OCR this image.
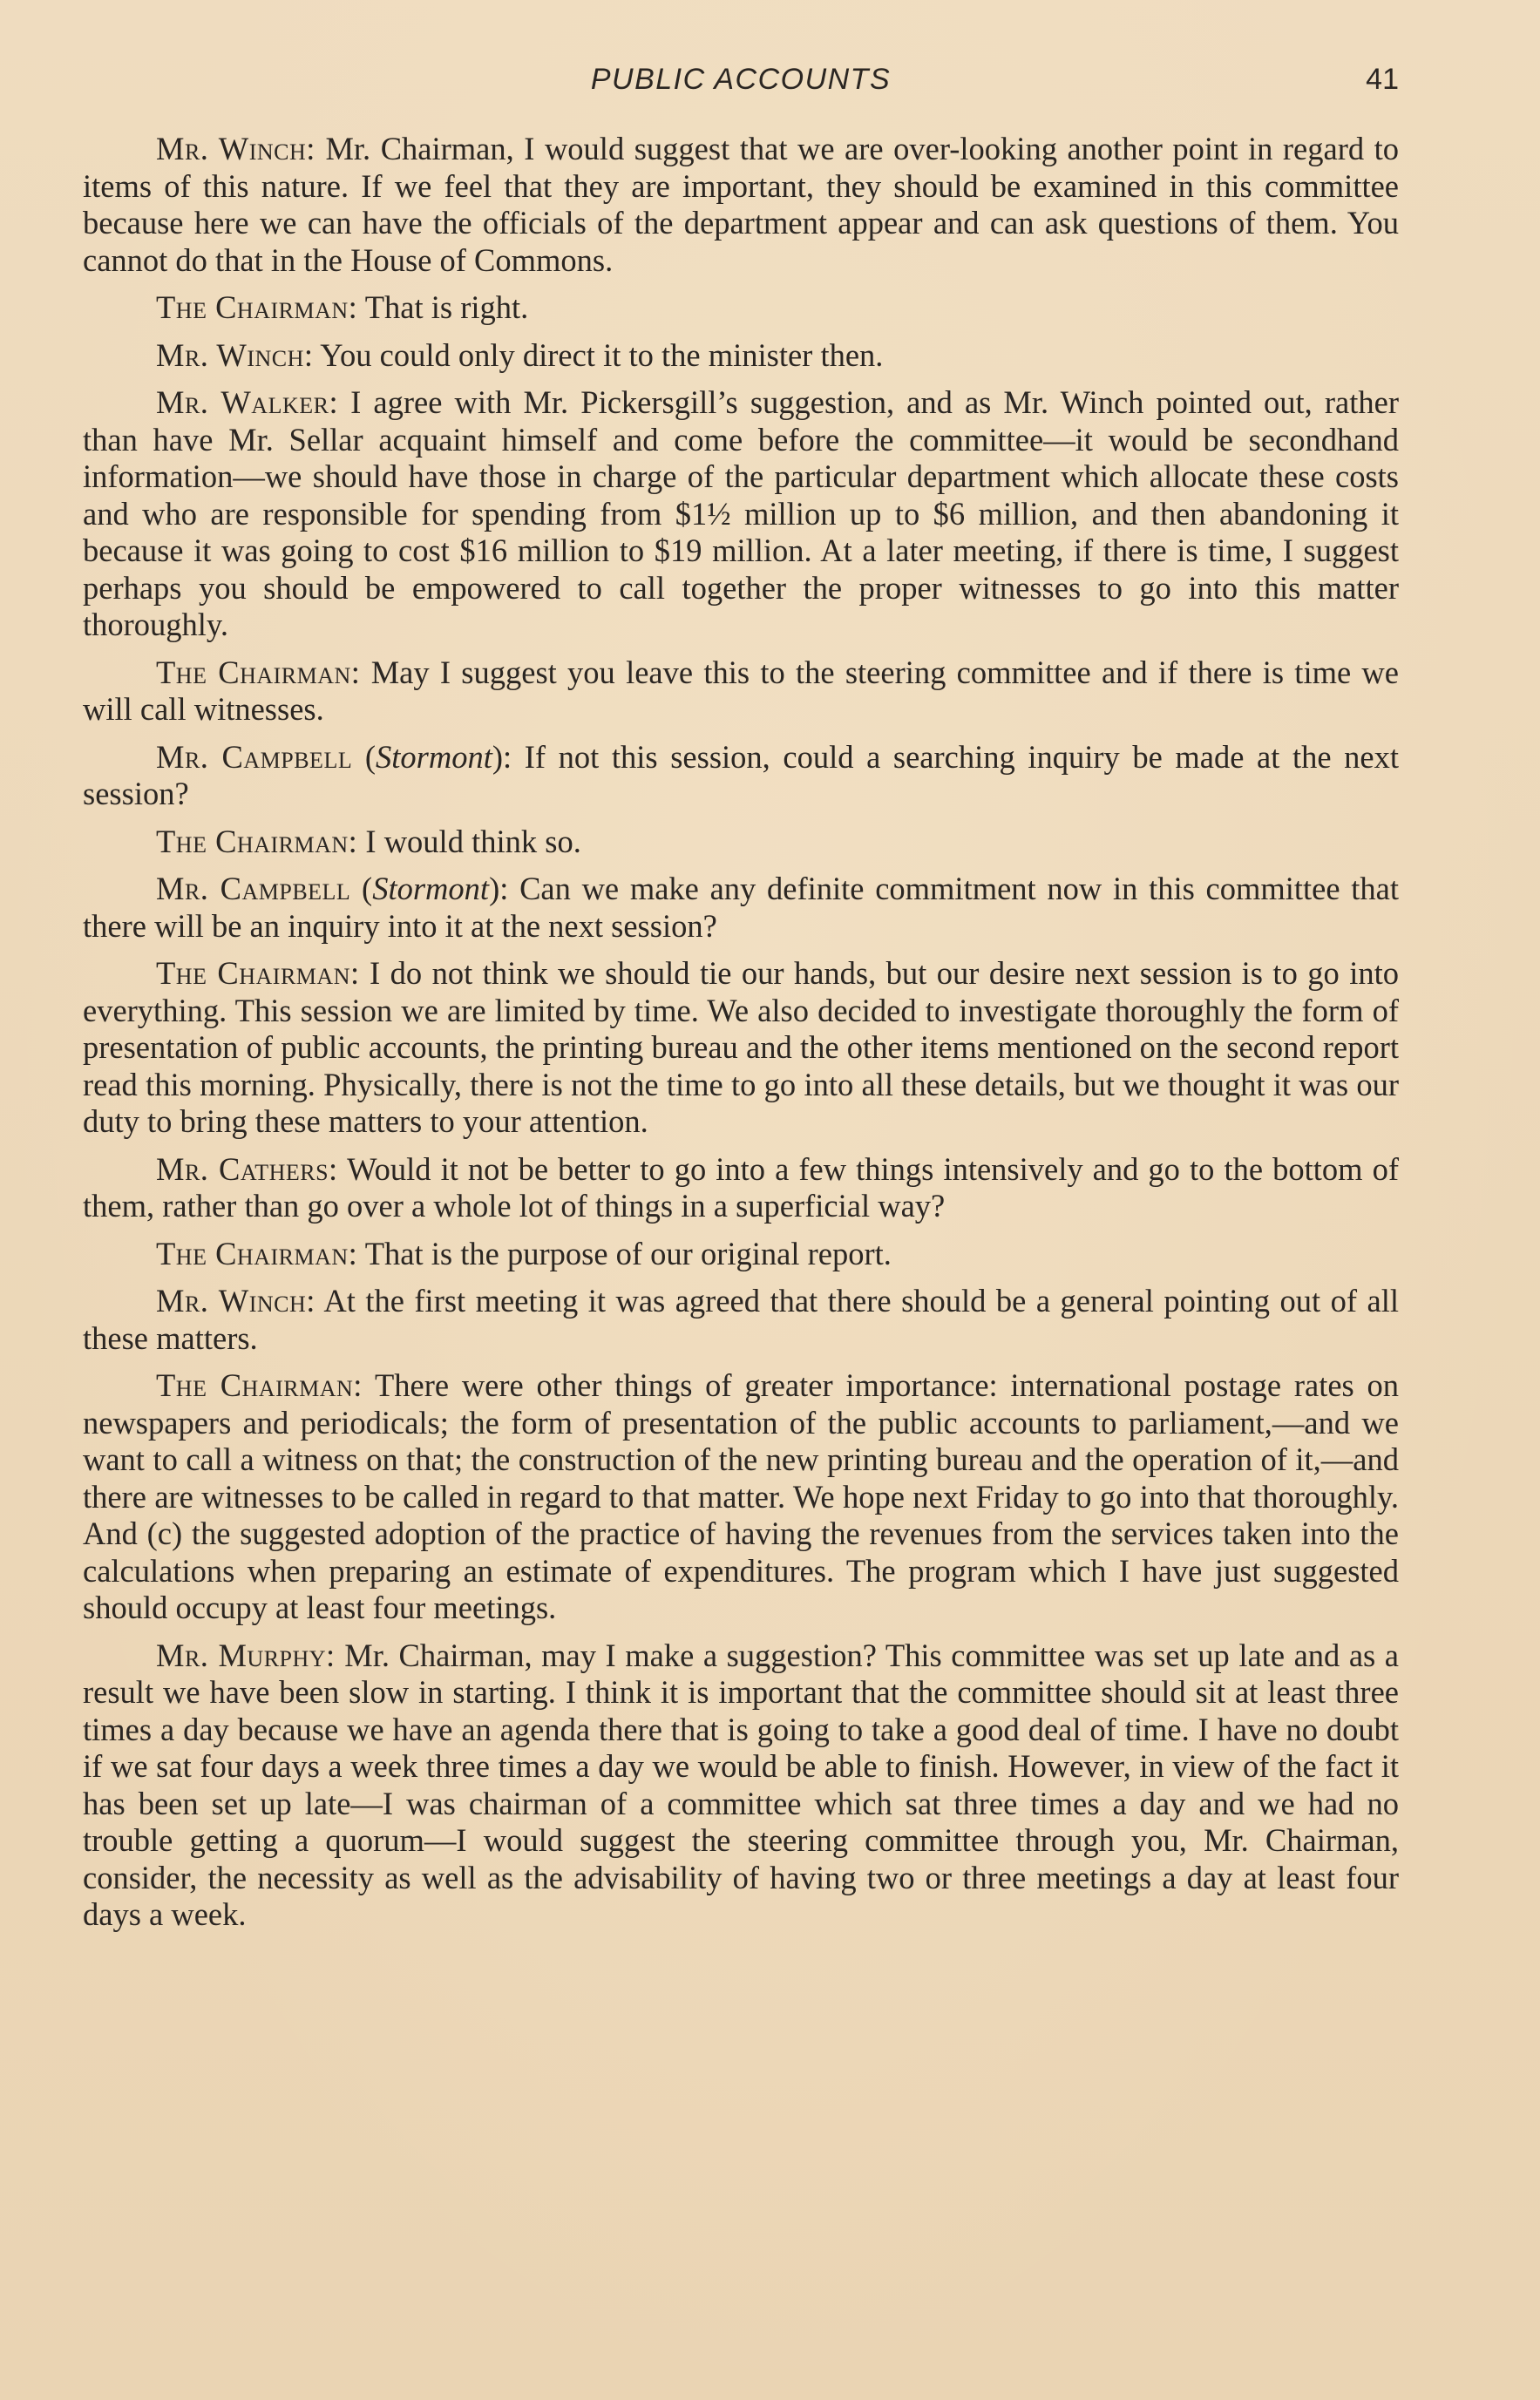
PUBLIC ACCOUNTS	41

Mr. Winch: Mr. Chairman, I would suggest that we are over-looking another point in regard to items of this nature. If we feel that they are important, they should be examined in this committee because here we can have the officials of the department appear and can ask questions of them. You cannot do that in the House of Commons.

The Chairman: That is right.

Mr. Winch: You could only direct it to the minister then.

Mr. Walker: I agree with Mr. Pickersgill’s suggestion, and as Mr. Winch pointed out, rather than have Mr. Sellar acquaint himself and come before the committee—it would be secondhand information—we should have those in charge of the particular department which allocate these costs and who are responsible for spending from $1½ million up to $6 million, and then abandoning it because it was going to cost $16 million to $19 million. At a later meeting, if there is time, I suggest perhaps you should be empowered to call together the proper witnesses to go into this matter thoroughly.

The Chairman: May I suggest you leave this to the steering committee and if there is time we will call witnesses.

Mr. Campbell (Stormont): If not this session, could a searching inquiry be made at the next session?

The Chairman: I would think so.

Mr. Campbell (Stormont): Can we make any definite commitment now in this committee that there will be an inquiry into it at the next session?

The Chairman: I do not think we should tie our hands, but our desire next session is to go into everything. This session we are limited by time. We also decided to investigate thoroughly the form of presentation of public accounts, the printing bureau and the other items mentioned on the second report read this morning. Physically, there is not the time to go into all these details, but we thought it was our duty to bring these matters to your attention.

Mr. Cathers: Would it not be better to go into a few things intensively and go to the bottom of them, rather than go over a whole lot of things in a superficial way?

The Chairman: That is the purpose of our original report.

Mr. Winch: At the first meeting it was agreed that there should be a general pointing out of all these matters.

The Chairman: There were other things of greater importance: international postage rates on newspapers and periodicals; the form of presentation of the public accounts to parliament,—and we want to call a witness on that; the construction of the new printing bureau and the operation of it,—and there are witnesses to be called in regard to that matter. We hope next Friday to go into that thoroughly. And (c) the suggested adoption of the practice of having the revenues from the services taken into the calculations when preparing an estimate of expenditures. The program which I have just suggested should occupy at least four meetings.

Mr. Murphy: Mr. Chairman, may I make a suggestion? This committee was set up late and as a result we have been slow in starting. I think it is important that the committee should sit at least three times a day because we have an agenda there that is going to take a good deal of time. I have no doubt if we sat four days a week three times a day we would be able to finish. However, in view of the fact it has been set up late—I was chairman of a committee which sat three times a day and we had no trouble getting a quorum—I would suggest the steering committee through you, Mr. Chairman, consider, the necessity as well as the advisability of having two or three meetings a day at least four days a week.
